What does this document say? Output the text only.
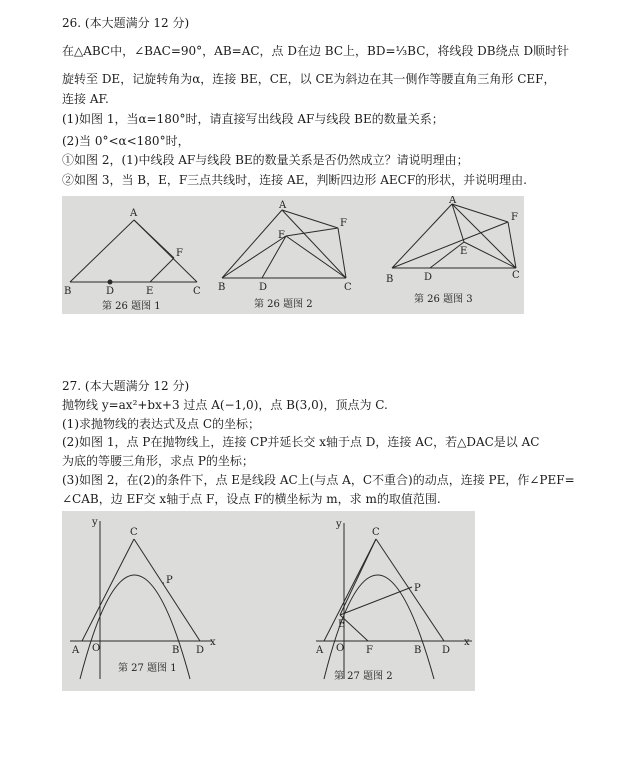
26. (本大题满分 12 分)
在△ABC中，∠BAC=90°，AB=AC，点 D在边 BC上，BD=⅓BC，将线段 DB绕点 D顺时针
旋转至 DE，记旋转角为α，连接 BE，CE，以 CE为斜边在其一侧作等腰直角三角形 CEF，
连接 AF.
(1)如图 1，当α=180°时，请直接写出线段 AF与线段 BE的数量关系；
(2)当 0°<α<180°时，
①如图 2，(1)中线段 AF与线段 BE的数量关系是否仍然成立？请说明理由；
②如图 3，当 B，E，F三点共线时，连接 AE，判断四边形 AECF的形状，并说明理由.
A
F
B	D	E	C
第 26 题图 1
A
F
E
B	D	C
第 26 题图 2
A
F
E
B	D	C
第 26 题图 3
27. (本大题满分 12 分)
抛物线 y=ax²+bx+3 过点 A(−1,0)，点 B(3,0)，顶点为 C.
(1)求抛物线的表达式及点 C的坐标；
(2)如图 1，点 P在抛物线上，连接 CP并延长交 x轴于点 D，连接 AC，若△DAC是以 AC
为底的等腰三角形，求点 P的坐标；
(3)如图 2，在(2)的条件下，点 E是线段 AC上(与点 A，C不重合)的动点，连接 PE，作∠PEF=
∠CAB，边 EF交 x轴于点 F，设点 F的横坐标为 m，求 m的取值范围.
y
C
P
A O	B D
x
第 27 题图 1
y
C
P
E
A O F	B D
x
第 27 题图 2
